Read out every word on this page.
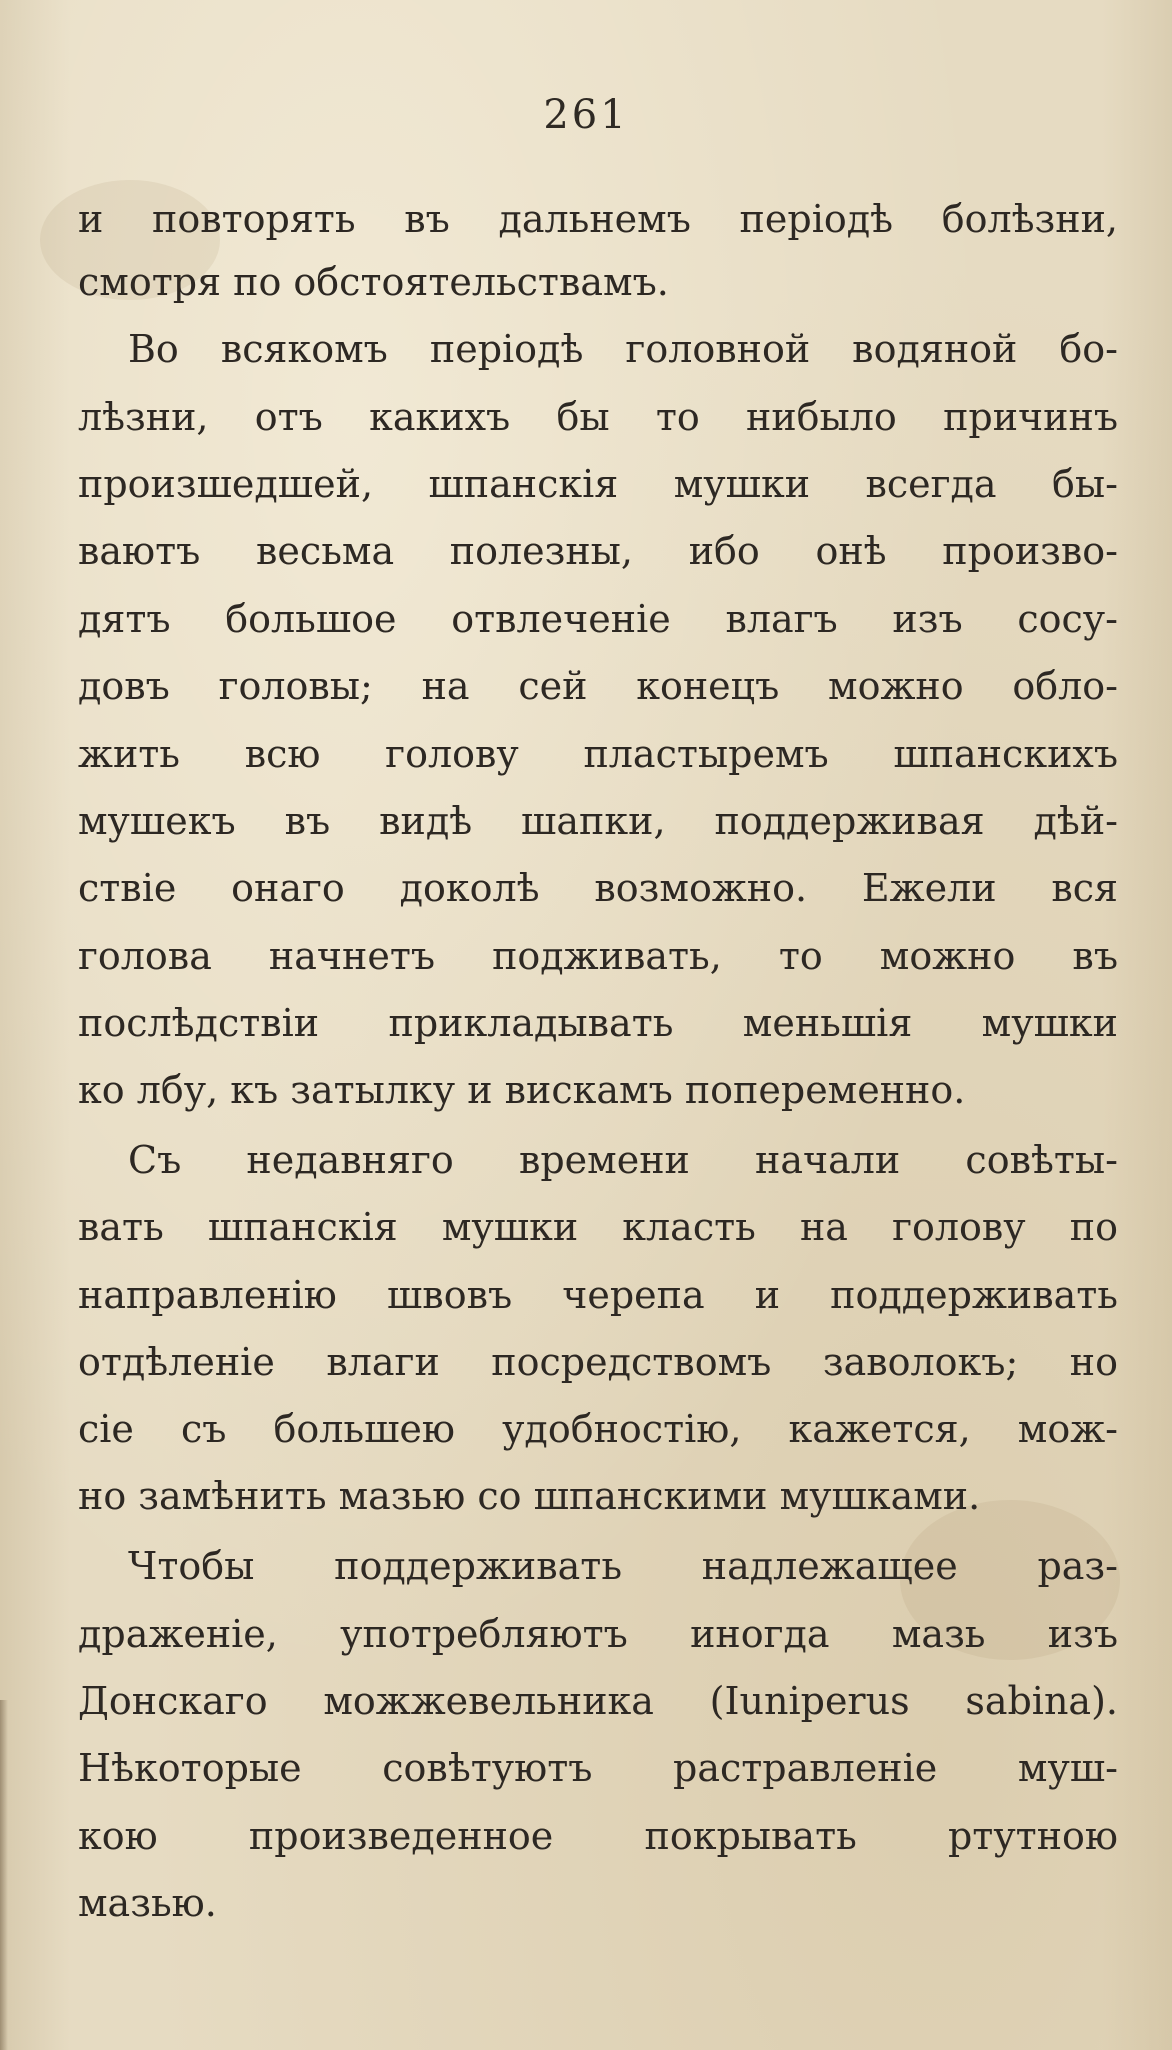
261
и повторять въ дальнемъ періодѣ болѣзни,
смотря по обстоятельствамъ.
Во всякомъ періодѣ головной водяной бо-
лѣзни, отъ какихъ бы то нибыло причинъ
произшедшей, шпанскія мушки всегда бы-
ваютъ весьма полезны, ибо онѣ произво-
дятъ большое отвлеченіе влагъ изъ сосу-
довъ головы; на сей конецъ можно обло-
жить всю голову пластыремъ шпанскихъ
мушекъ въ видѣ шапки, поддерживая дѣй-
ствіе онаго доколѣ возможно. Ежели вся
голова начнетъ подживать, то можно въ
послѣдствіи прикладывать меньшія мушки
ко лбу, къ затылку и вискамъ попеременно.
Съ недавняго времени начали совѣты-
вать шпанскія мушки класть на голову по
направленію швовъ черепа и поддерживать
отдѣленіе влаги посредствомъ заволокъ; но
сіе съ большею удобностію, кажется, мож-
но замѣнить мазью со шпанскими мушками.
Чтобы поддерживать надлежащее раз-
драженіе, употребляютъ иногда мазь изъ
Донскаго можжевельника (Iuniperus sabina).
Нѣкоторые совѣтуютъ растравленіе муш-
кою произведенное покрывать ртутною
мазью.
